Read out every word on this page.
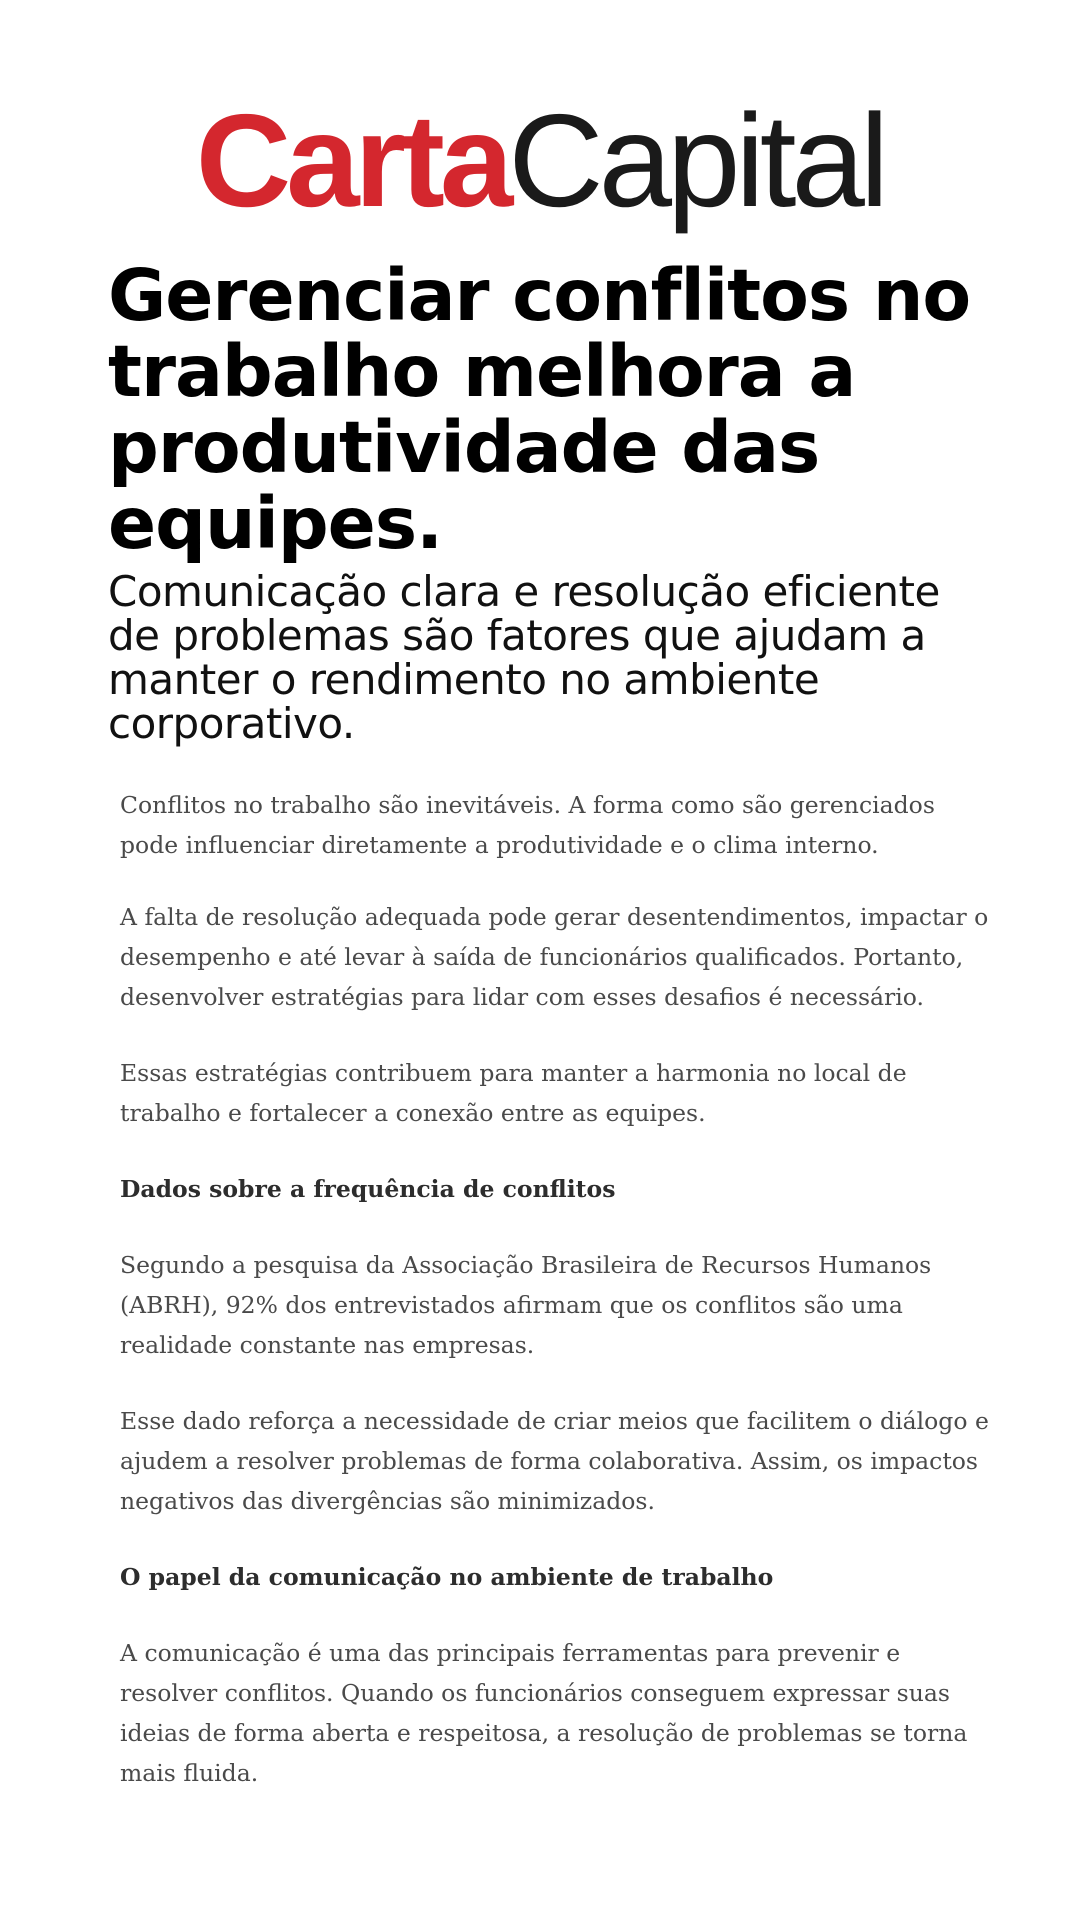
CartaCapital
Gerenciar conflitos no trabalho melhora a produtividade das equipes.

Comunicação clara e resolução eficiente de problemas são fatores que ajudam a manter o rendimento no ambiente corporativo.

Conflitos no trabalho são inevitáveis. A forma como são gerenciados pode influenciar diretamente a produtividade e o clima interno.

A falta de resolução adequada pode gerar desentendimentos, impactar o desempenho e até levar à saída de funcionários qualificados. Portanto, desenvolver estratégias para lidar com esses desafios é necessário.

Essas estratégias contribuem para manter a harmonia no local de trabalho e fortalecer a conexão entre as equipes.

Dados sobre a frequência de conflitos

Segundo a pesquisa da Associação Brasileira de Recursos Humanos (ABRH), 92% dos entrevistados afirmam que os conflitos são uma realidade constante nas empresas.

Esse dado reforça a necessidade de criar meios que facilitem o diálogo e ajudem a resolver problemas de forma colaborativa. Assim, os impactos negativos das divergências são minimizados.

O papel da comunicação no ambiente de trabalho

A comunicação é uma das principais ferramentas para prevenir e resolver conflitos. Quando os funcionários conseguem expressar suas ideias de forma aberta e respeitosa, a resolução de problemas se torna mais fluida.
